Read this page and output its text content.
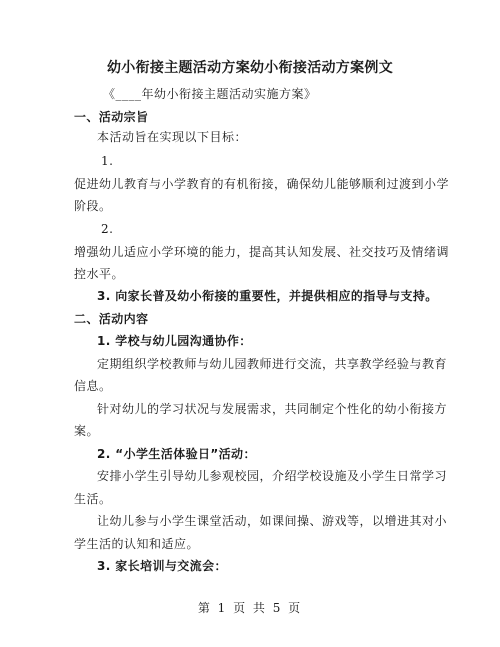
幼小衔接主题活动方案幼小衔接活动方案例文
《____年幼小衔接主题活动实施方案》
一、活动宗旨
本活动旨在实现以下目标：
1.
促进幼儿教育与小学教育的有机衔接，确保幼儿能够顺利过渡到小学
阶段。
2.
增强幼儿适应小学环境的能力，提高其认知发展、社交技巧及情绪调
控水平。
3. 向家长普及幼小衔接的重要性，并提供相应的指导与支持。
二、活动内容
1. 学校与幼儿园沟通协作：
定期组织学校教师与幼儿园教师进行交流，共享教学经验与教育
信息。
针对幼儿的学习状况与发展需求，共同制定个性化的幼小衔接方
案。
2. “小学生活体验日”活动：
安排小学生引导幼儿参观校园，介绍学校设施及小学生日常学习
生活。
让幼儿参与小学生课堂活动，如课间操、游戏等，以增进其对小
学生活的认知和适应。
3. 家长培训与交流会：
第 1 页 共 5 页
